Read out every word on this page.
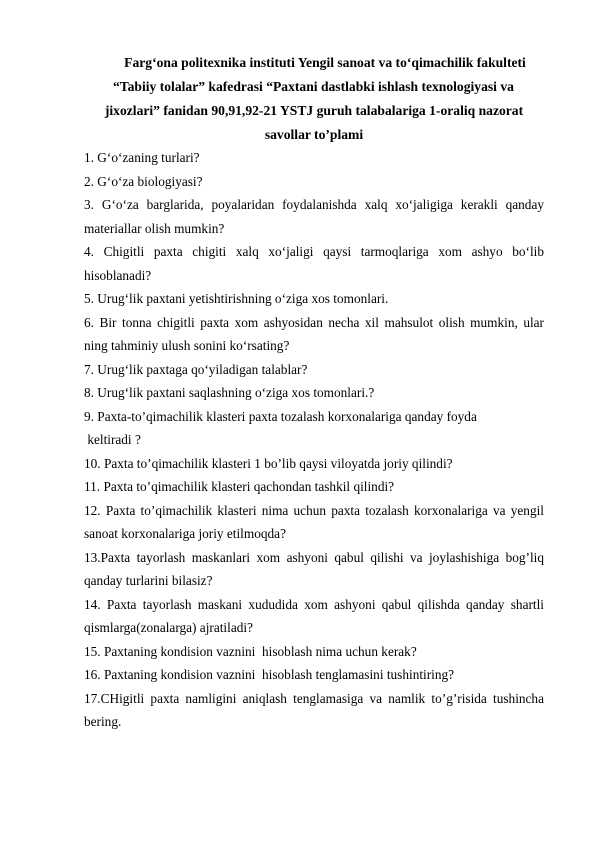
Fargʻona politexnika instituti Yengil sanoat va to‘qimachilik fakulteti
“Tabiiy tolalar” kafedrasi “Paxtani dastlabki ishlash texnologiyasi va
jixozlari” fanidan 90,91,92-21 YSTJ guruh talabalariga 1-oraliq nazorat
savollar to’plami

1. G‘o‘zaning turlari?

2. G‘o‘za biologiyasi?

3. G‘o‘za barglarida, poyalaridan foydalanishda xalq xo‘jaligiga kerakli qanday materiallar olish mumkin?

4. Chigitli paxta chigiti xalq xo‘jaligi qaysi tarmoqlariga xom ashyo bo‘lib hisoblanadi?

5. Urug‘lik paxtani yetishtirishning o‘ziga xos tomonlari.

6. Bir tonna chigitli paxta xom ashyosidan necha xil mahsulot olish mumkin, ular ning tahminiy ulush sonini ko‘rsating?

7. Urug‘lik paxtaga qo‘yiladigan talablar?

8. Urug‘lik paxtani saqlashning o‘ziga xos tomonlari.?

9. Paxta-to’qimachilik klasteri paxta tozalash korxonalariga qanday foyda

keltiradi ?

10. Paxta to’qimachilik klasteri 1 bo’lib qaysi viloyatda joriy qilindi?

11. Paxta to’qimachilik klasteri qachondan tashkil qilindi?

12. Paxta to’qimachilik klasteri nima uchun paxta tozalash korxonalariga va yengil sanoat korxonalariga joriy etilmoqda?

13.Paxta tayorlash maskanlari xom ashyoni qabul qilishi va joylashishiga bog’liq qanday turlarini bilasiz?

14. Paxta tayorlash maskani xududida xom ashyoni qabul qilishda qanday shartli qismlarga(zonalarga) ajratiladi?

15. Paxtaning kondision vaznini  hisoblash nima uchun kerak?

16. Paxtaning kondision vaznini  hisoblash tenglamasini tushintiring?

17.CHigitli paxta namligini aniqlash tenglamasiga va namlik to’g’risida tushincha bering.
